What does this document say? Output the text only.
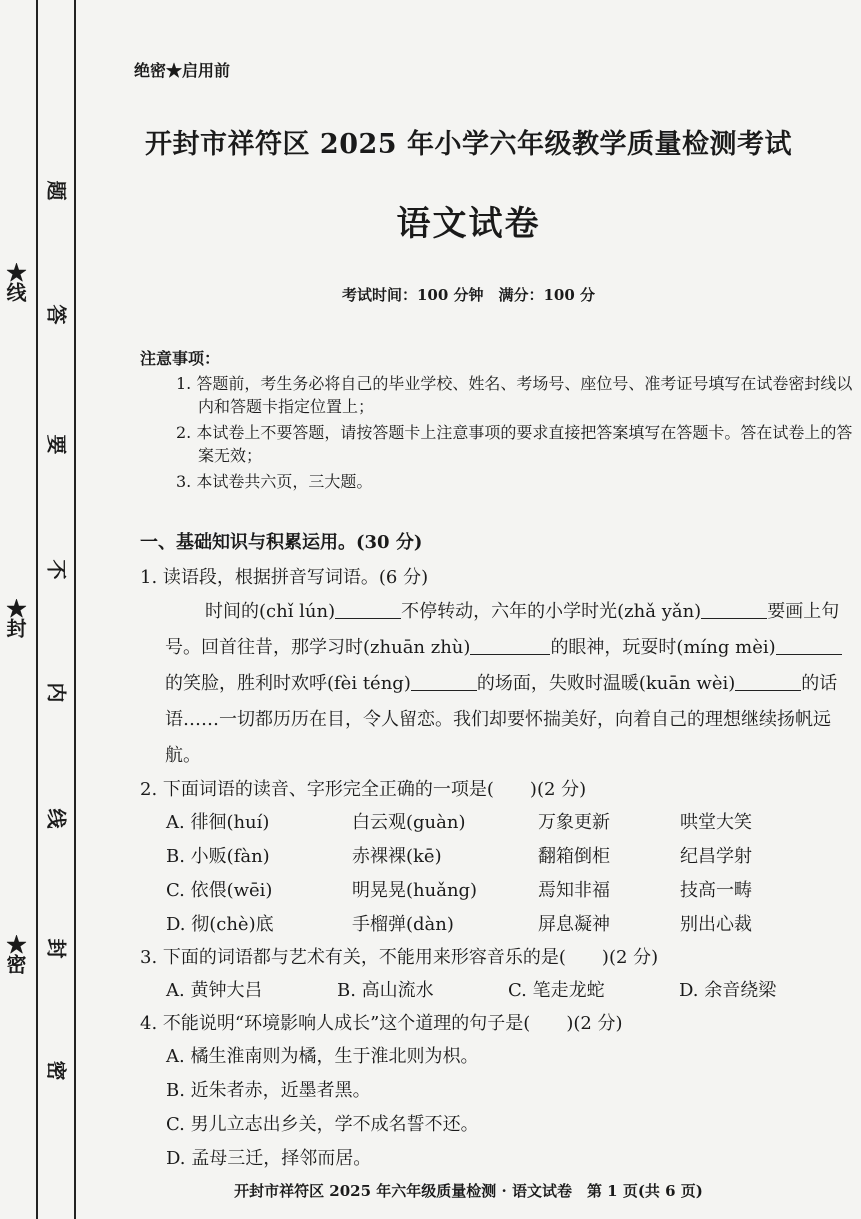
★线
★封
★密
题
答
要
不
内
线
封
密
绝密★启用前
开封市祥符区 2025 年小学六年级教学质量检测考试
语文试卷
考试时间：100 分钟　满分：100 分
注意事项：
1. 答题前，考生务必将自己的毕业学校、姓名、考场号、座位号、准考证号填写在试卷密封线以内和答题卡指定位置上；
2. 本试卷上不要答题，请按答题卡上注意事项的要求直接把答案填写在答题卡。答在试卷上的答案无效；
3. 本试卷共六页，三大题。
一、基础知识与积累运用。(30 分)
1. 读语段，根据拼音写词语。(6 分)
时间的(chǐ lún)	不停转动，六年的小学时光(zhǎ yǎn)	要画上句号。回首往昔，那学习时(zhuān zhù)	的眼神，玩耍时(míng mèi)的笑脸，胜利时欢呼(fèi téng)	的场面，失败时温暖(kuān wèi)	的话语……一切都历历在目，令人留恋。我们却要怀揣美好，向着自己的理想继续扬帆远航。
2. 下面词语的读音、字形完全正确的一项是(　　)(2 分)
A. 徘徊(huí)	白云观(guàn)	万象更新	哄堂大笑
B. 小贩(fàn)	赤裸裸(kē)	翻箱倒柜	纪昌学射
C. 依偎(wēi)	明晃晃(huǎng)	焉知非福	技高一畴
D. 彻(chè)底	手榴弹(dàn)	屏息凝神	别出心裁
3. 下面的词语都与艺术有关，不能用来形容音乐的是(　　)(2 分)
A. 黄钟大吕	B. 高山流水	C. 笔走龙蛇	D. 余音绕梁
4. 不能说明“环境影响人成长”这个道理的句子是(　　)(2 分)
A. 橘生淮南则为橘，生于淮北则为枳。
B. 近朱者赤，近墨者黑。
C. 男儿立志出乡关，学不成名誓不还。
D. 孟母三迁，择邻而居。
开封市祥符区 2025 年六年级质量检测 · 语文试卷　第 1 页(共 6 页)
